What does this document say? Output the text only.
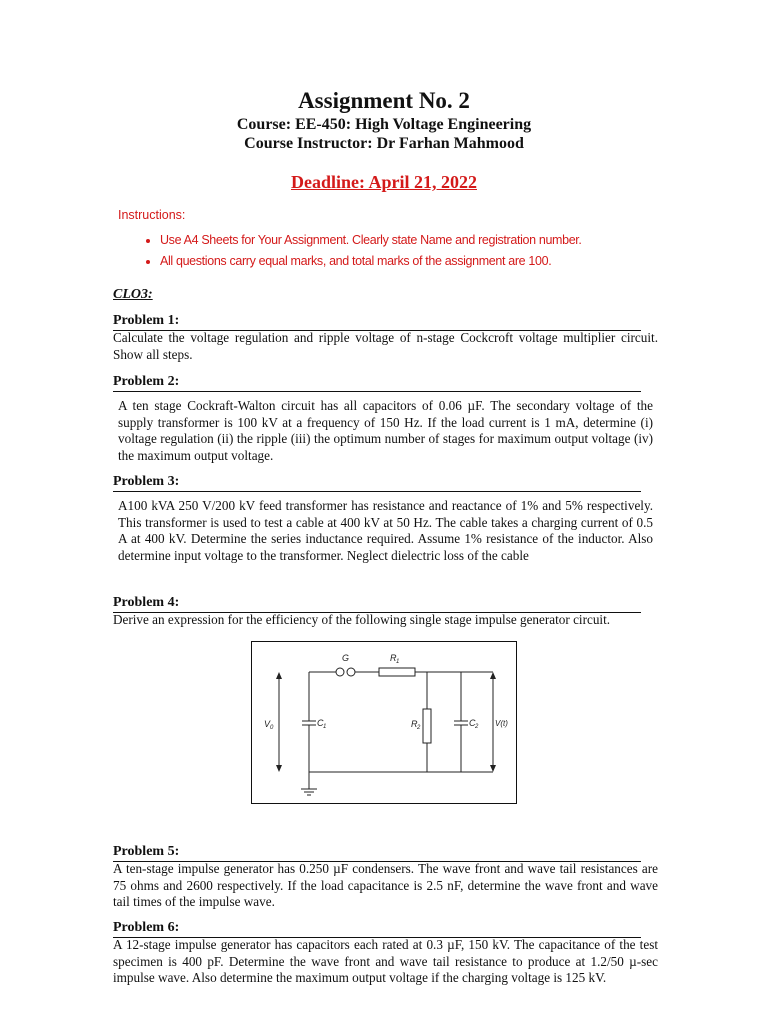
Assignment No. 2
Course: EE-450: High Voltage Engineering
Course Instructor: Dr Farhan Mahmood
Deadline: April 21, 2022
Instructions:
• Use A4 Sheets for Your Assignment. Clearly state Name and registration number.
• All questions carry equal marks, and total marks of the assignment are 100.
CLO3:
Problem 1:
Calculate the voltage regulation and ripple voltage of n-stage Cockcroft voltage multiplier circuit. Show all steps.
Problem 2:
A ten stage Cockraft-Walton circuit has all capacitors of 0.06 µF. The secondary voltage of the supply transformer is 100 kV at a frequency of 150 Hz. If the load current is 1 mA, determine (i) voltage regulation (ii) the ripple (iii) the optimum number of stages for maximum output voltage (iv) the maximum output voltage.
Problem 3:
A100 kVA 250 V/200 kV feed transformer has resistance and reactance of 1% and 5% respectively. This transformer is used to test a cable at 400 kV at 50 Hz. The cable takes a charging current of 0.5 A at 400 kV. Determine the series inductance required. Assume 1% resistance of the inductor. Also determine input voltage to the transformer. Neglect dielectric loss of the cable
Problem 4:
Derive an expression for the efficiency of the following single stage impulse generator circuit.
G	R 1
V 0	C 1	R 2	C 2 V(t)
Problem 5:
A ten-stage impulse generator has 0.250 µF condensers. The wave front and wave tail resistances are 75 ohms and 2600 respectively. If the load capacitance is 2.5 nF, determine the wave front and wave tail times of the impulse wave.
Problem 6:
A 12-stage impulse generator has capacitors each rated at 0.3 µF, 150 kV. The capacitance of the test specimen is 400 pF. Determine the wave front and wave tail resistance to produce at 1.2/50 µ-sec impulse wave. Also determine the maximum output voltage if the charging voltage is 125 kV.
